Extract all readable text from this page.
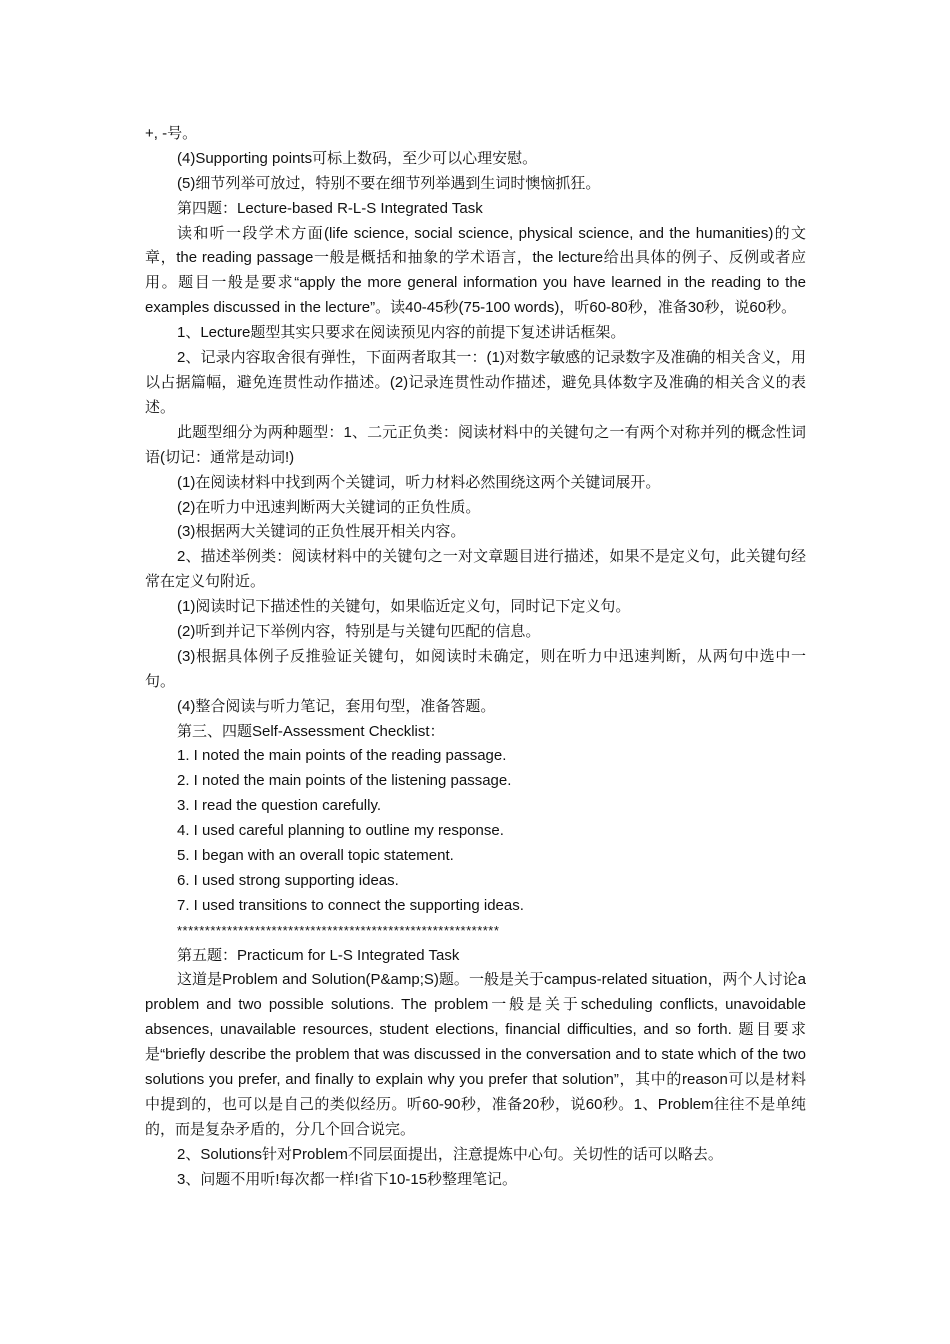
+, -号。
(4)Supporting points可标上数码，至少可以心理安慰。
(5)细节列举可放过，特别不要在细节列举遇到生词时懊恼抓狂。
第四题：Lecture-based R-L-S Integrated Task
读和听一段学术方面(life science, social science, physical science, and the humanities)的文章，the reading passage一般是概括和抽象的学术语言，the lecture给出具体的例子、反例或者应用。题目一般是要求“apply the more general information you have learned in the reading to the examples discussed in the lecture”。读40-45秒(75-100 words)，听60-80秒，准备30秒，说60秒。
1、Lecture题型其实只要求在阅读预见内容的前提下复述讲话框架。
2、记录内容取舍很有弹性，下面两者取其一：(1)对数字敏感的记录数字及准确的相关含义，用以占据篇幅，避免连贯性动作描述。(2)记录连贯性动作描述，避免具体数字及准确的相关含义的表述。
此题型细分为两种题型：1、二元正负类：阅读材料中的关键句之一有两个对称并列的概念性词语(切记：通常是动词!)
(1)在阅读材料中找到两个关键词，听力材料必然围绕这两个关键词展开。
(2)在听力中迅速判断两大关键词的正负性质。
(3)根据两大关键词的正负性展开相关内容。
2、描述举例类：阅读材料中的关键句之一对文章题目进行描述，如果不是定义句，此关键句经常在定义句附近。
(1)阅读时记下描述性的关键句，如果临近定义句，同时记下定义句。
(2)听到并记下举例内容，特别是与关键句匹配的信息。
(3)根据具体例子反推验证关键句，如阅读时未确定，则在听力中迅速判断，从两句中选中一句。
(4)整合阅读与听力笔记，套用句型，准备答题。
第三、四题Self-Assessment Checklist：
1. I noted the main points of the reading passage.
2. I noted the main points of the listening passage.
3. I read the question carefully.
4. I used careful planning to outline my response.
5. I began with an overall topic statement.
6. I used strong supporting ideas.
7. I used transitions to connect the supporting ideas.
**********************************************************
第五题：Practicum for L-S Integrated Task
这道是Problem and Solution(P&amp;S)题。一般是关于campus-related situation，两个人讨论a problem and two possible solutions. The problem一般是关于scheduling conflicts, unavoidable absences, unavailable resources, student elections, financial difficulties, and so forth. 题目要求是“briefly describe the problem that was discussed in the conversation and to state which of the two solutions you prefer, and finally to explain why you prefer that solution”，其中的reason可以是材料中提到的，也可以是自己的类似经历。听60-90秒，准备20秒，说60秒。1、Problem往往不是单纯的，而是复杂矛盾的，分几个回合说完。
2、Solutions针对Problem不同层面提出，注意提炼中心句。关切性的话可以略去。
3、问题不用听!每次都一样!省下10-15秒整理笔记。
